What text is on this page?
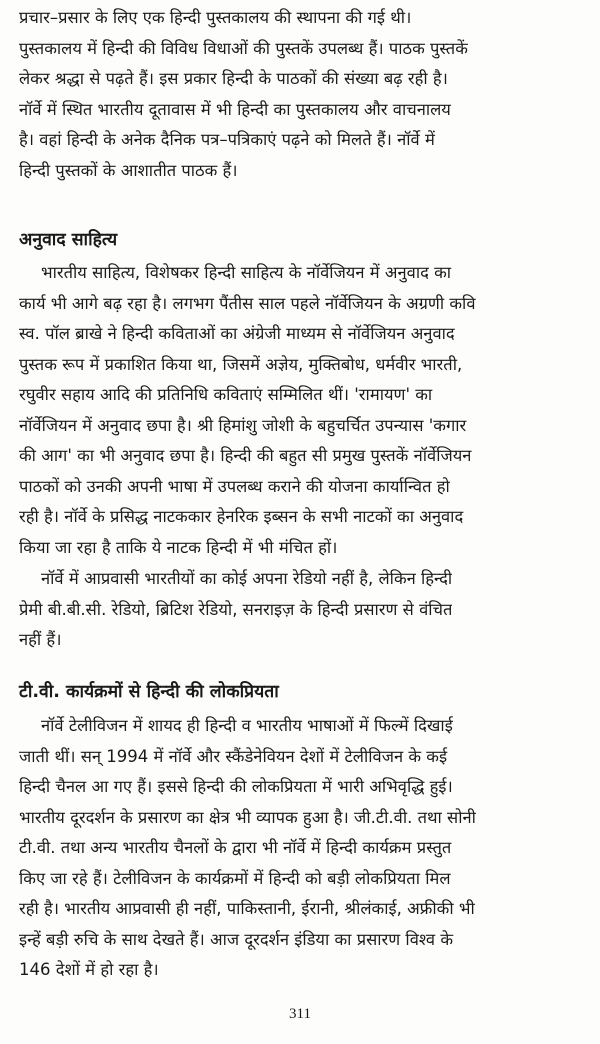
प्रचार–प्रसार के लिए एक हिन्दी पुस्तकालय की स्थापना की गई थी।
पुस्तकालय में हिन्दी की विविध विधाओं की पुस्तकें उपलब्ध हैं। पाठक पुस्तकें
लेकर श्रद्धा से पढ़ते हैं। इस प्रकार हिन्दी के पाठकों की संख्या बढ़ रही है।
नॉर्वे में स्थित भारतीय दूतावास में भी हिन्दी का पुस्तकालय और वाचनालय
है। वहां हिन्दी के अनेक दैनिक पत्र–पत्रिकाएं पढ़ने को मिलते हैं। नॉर्वे में
हिन्दी पुस्तकों के आशातीत पाठक हैं।

अनुवाद साहित्य

भारतीय साहित्य, विशेषकर हिन्दी साहित्य के नॉर्वेजियन में अनुवाद का
कार्य भी आगे बढ़ रहा है। लगभग पैंतीस साल पहले नॉर्वेजियन के अग्रणी कवि
स्व. पॉल ब्राखे ने हिन्दी कविताओं का अंग्रेजी माध्यम से नॉर्वेजियन अनुवाद
पुस्तक रूप में प्रकाशित किया था, जिसमें अज्ञेय, मुक्तिबोध, धर्मवीर भारती,
रघुवीर सहाय आदि की प्रतिनिधि कविताएं सम्मिलित थीं। 'रामायण' का
नॉर्वेजियन में अनुवाद छपा है। श्री हिमांशु जोशी के बहुचर्चित उपन्यास 'कगार
की आग' का भी अनुवाद छपा है। हिन्दी की बहुत सी प्रमुख पुस्तकें नॉर्वेजियन
पाठकों को उनकी अपनी भाषा में उपलब्ध कराने की योजना कार्यान्वित हो
रही है। नॉर्वे के प्रसिद्ध नाटककार हेनरिक इब्सन के सभी नाटकों का अनुवाद
किया जा रहा है ताकि ये नाटक हिन्दी में भी मंचित हों।

नॉर्वे में आप्रवासी भारतीयों का कोई अपना रेडियो नहीं है, लेकिन हिन्दी
प्रेमी बी.बी.सी. रेडियो, ब्रिटिश रेडियो, सनराइज़ के हिन्दी प्रसारण से वंचित
नहीं हैं।

टी.वी. कार्यक्रमों से हिन्दी की लोकप्रियता

नॉर्वे टेलीविजन में शायद ही हिन्दी व भारतीय भाषाओं में फिल्में दिखाई
जाती थीं। सन् 1994 में नॉर्वे और स्कैंडेनेवियन देशों में टेलीविजन के कई
हिन्दी चैनल आ गए हैं। इससे हिन्दी की लोकप्रियता में भारी अभिवृद्धि हुई।
भारतीय दूरदर्शन के प्रसारण का क्षेत्र भी व्यापक हुआ है। जी.टी.वी. तथा सोनी
टी.वी. तथा अन्य भारतीय चैनलों के द्वारा भी नॉर्वे में हिन्दी कार्यक्रम प्रस्तुत
किए जा रहे हैं। टेलीविजन के कार्यक्रमों में हिन्दी को बड़ी लोकप्रियता मिल
रही है। भारतीय आप्रवासी ही नहीं, पाकिस्तानी, ईरानी, श्रीलंकाई, अफ्रीकी भी
इन्हें बड़ी रुचि के साथ देखते हैं। आज दूरदर्शन इंडिया का प्रसारण विश्व के
146 देशों में हो रहा है।

311
